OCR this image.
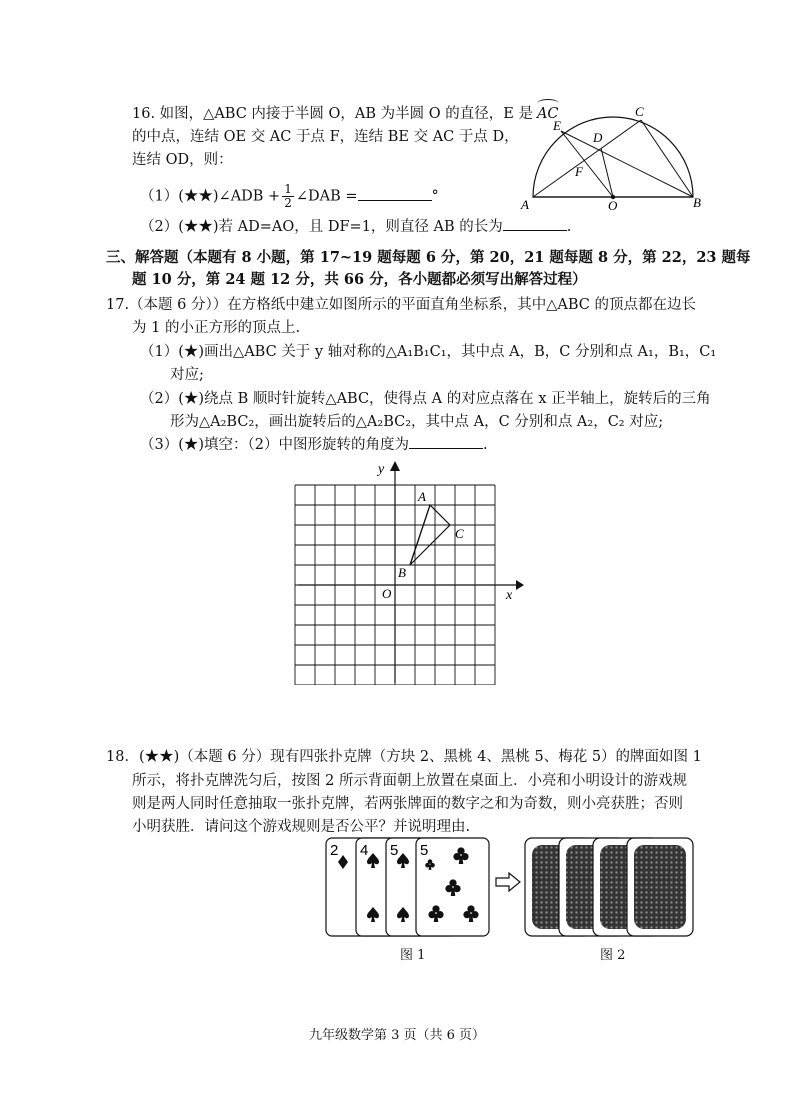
16. 如图，△ABC 内接于半圆 O，AB 为半圆 O 的直径，E 是 AC
的中点，连结 OE 交 AC 于点 F，连结 BE 交 AC 于点 D，
连结 OD，则：
（1）(★★)∠ADB + $\frac{1}{2}$ ∠DAB =	°
（2）(★★)若 AD=AO，且 DF=1，则直径 AB 的长为	.
E
C
D
F
A	O	B
三、解答题（本题有 8 小题，第 17~19 题每题 6 分，第 20，21 题每题 8 分，第 22，23 题每
题 10 分，第 24 题 12 分，共 66 分，各小题都必须写出解答过程）
17.（本题 6 分））在方格纸中建立如图所示的平面直角坐标系，其中△ABC 的顶点都在边长
为 1 的小正方形的顶点上.
（1）(★)画出△ABC 关于 y 轴对称的△A₁B₁C₁，其中点 A，B，C 分别和点 A₁，B₁，C₁
对应;
（2）(★)绕点 B 顺时针旋转△ABC，使得点 A 的对应点落在 x 正半轴上，旋转后的三角
形为△A₂BC₂，画出旋转后的△A₂BC₂，其中点 A，C 分别和点 A₂，C₂ 对应;
（3）(★)填空：（2）中图形旋转的角度为	.
y
x
O
A
C
B
18．(★★)（本题 6 分）现有四张扑克牌（方块 2、黑桃 4、黑桃 5、梅花 5）的牌面如图 1
所示，将扑克牌洗匀后，按图 2 所示背面朝上放置在桌面上．小亮和小明设计的游戏规
则是两人同时任意抽取一张扑克牌，若两张牌面的数字之和为奇数，则小亮获胜；否则
小明获胜．请问这个游戏规则是否公平？并说明理由.
2 4 5 5
图 1	图 2
九年级数学第 3 页（共 6 页）
